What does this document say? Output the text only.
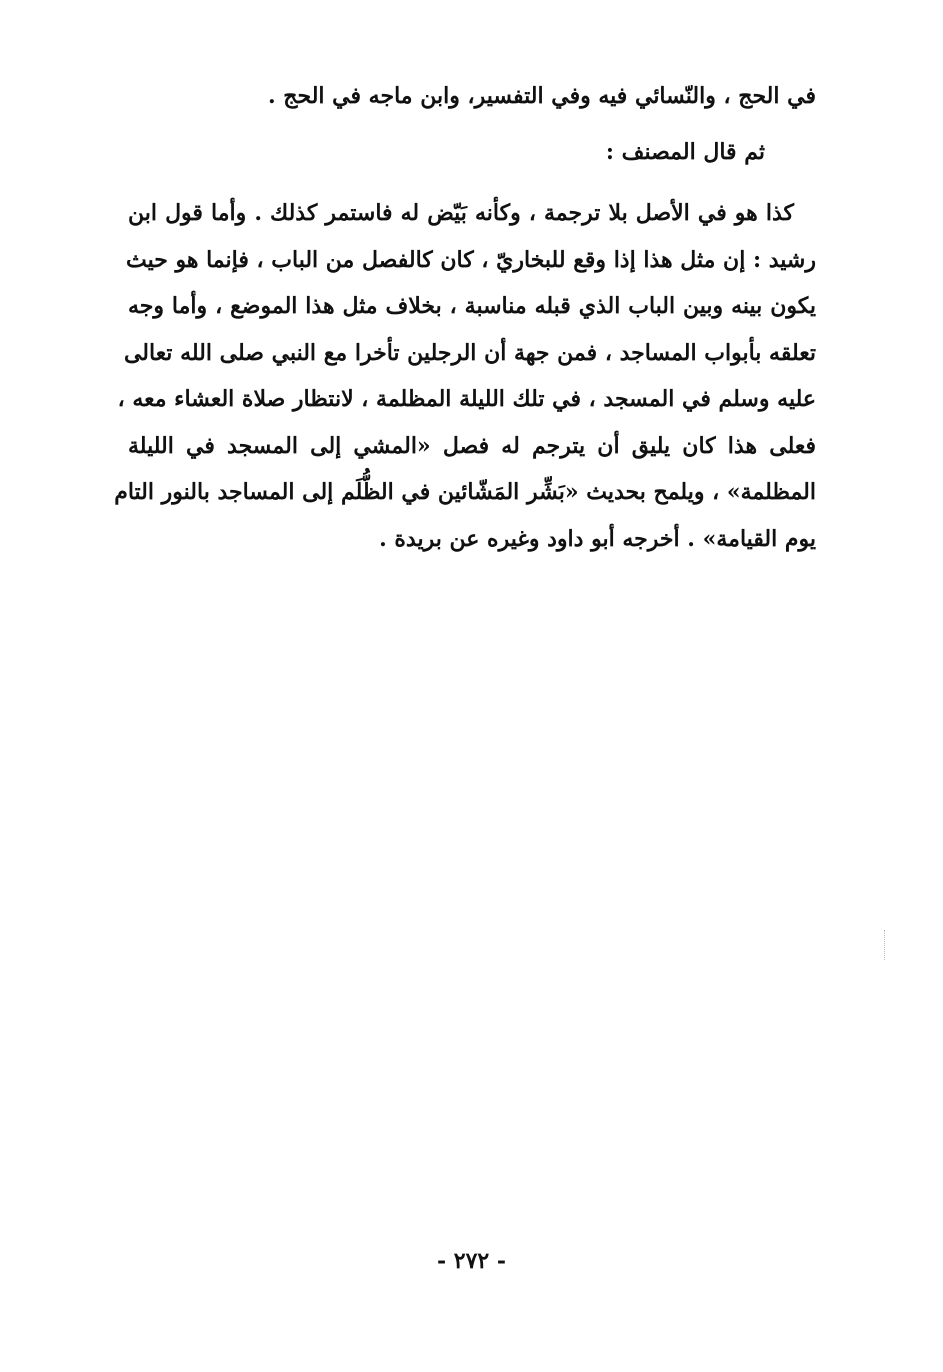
في الحج ، والنّسائي فيه وفي التفسير، وابن ماجه في الحج .
ثم قال المصنف :
كذا هو في الأصل بلا ترجمة ، وكأنه بَيّض له فاستمر كذلك . وأما قول ابن
رشيد : إن مثل هذا إذا وقع للبخاريّ ، كان كالفصل من الباب ، فإنما هو حيث
يكون بينه وبين الباب الذي قبله مناسبة ، بخلاف مثل هذا الموضع ، وأما وجه
تعلقه بأبواب المساجد ، فمن جهة أن الرجلين تأخرا مع النبي صلى الله تعالى
عليه وسلم في المسجد ، في تلك الليلة المظلمة ، لانتظار صلاة العشاء معه ،
فعلى هذا كان يليق أن يترجم له فصل «المشي إلى المسجد في الليلة
المظلمة» ، ويلمح بحديث «بَشِّر المَشّائين في الظُّلَم إلى المساجد بالنور التام
يوم القيامة» . أخرجه أبو داود وغيره عن بريدة .
- ٢٧٢ -
